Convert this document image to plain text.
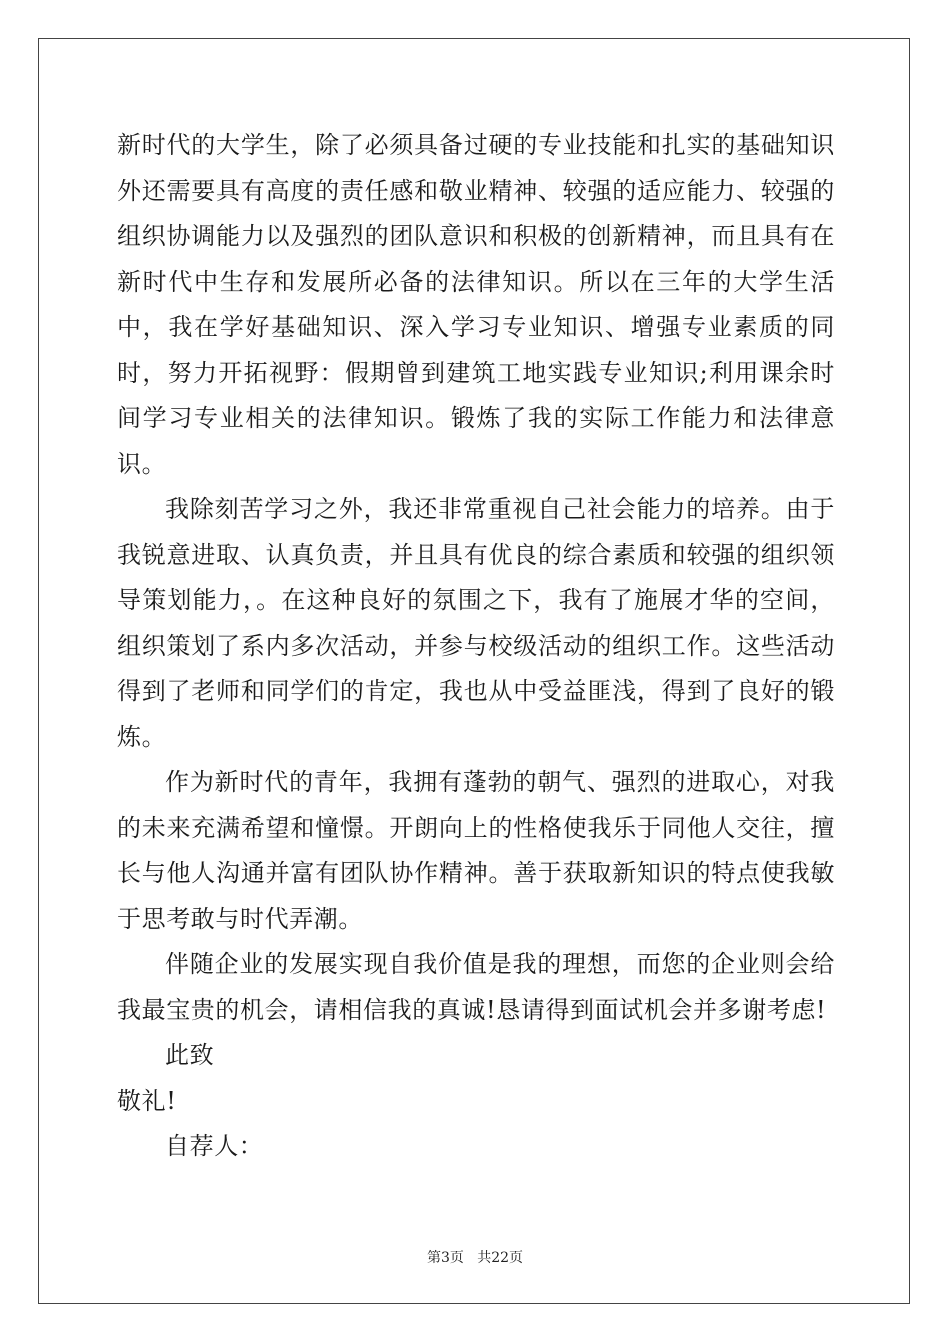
新时代的大学生，除了必须具备过硬的专业技能和扎实的基础知识外还需要具有高度的责任感和敬业精神、较强的适应能力、较强的组织协调能力以及强烈的团队意识和积极的创新精神，而且具有在新时代中生存和发展所必备的法律知识。所以在三年的大学生活中，我在学好基础知识、深入学习专业知识、增强专业素质的同时，努力开拓视野：假期曾到建筑工地实践专业知识;利用课余时间学习专业相关的法律知识。锻炼了我的实际工作能力和法律意识。

我除刻苦学习之外，我还非常重视自己社会能力的培养。由于我锐意进取、认真负责，并且具有优良的综合素质和较强的组织领导策划能力，。在这种良好的氛围之下，我有了施展才华的空间，组织策划了系内多次活动，并参与校级活动的组织工作。这些活动得到了老师和同学们的肯定，我也从中受益匪浅，得到了良好的锻炼。

作为新时代的青年，我拥有蓬勃的朝气、强烈的进取心，对我的未来充满希望和憧憬。开朗向上的性格使我乐于同他人交往，擅长与他人沟通并富有团队协作精神。善于获取新知识的特点使我敏于思考敢与时代弄潮。

伴随企业的发展实现自我价值是我的理想，而您的企业则会给我最宝贵的机会，请相信我的真诚!恳请得到面试机会并多谢考虑!

此致

敬礼!

自荐人：

第3页   共22页
